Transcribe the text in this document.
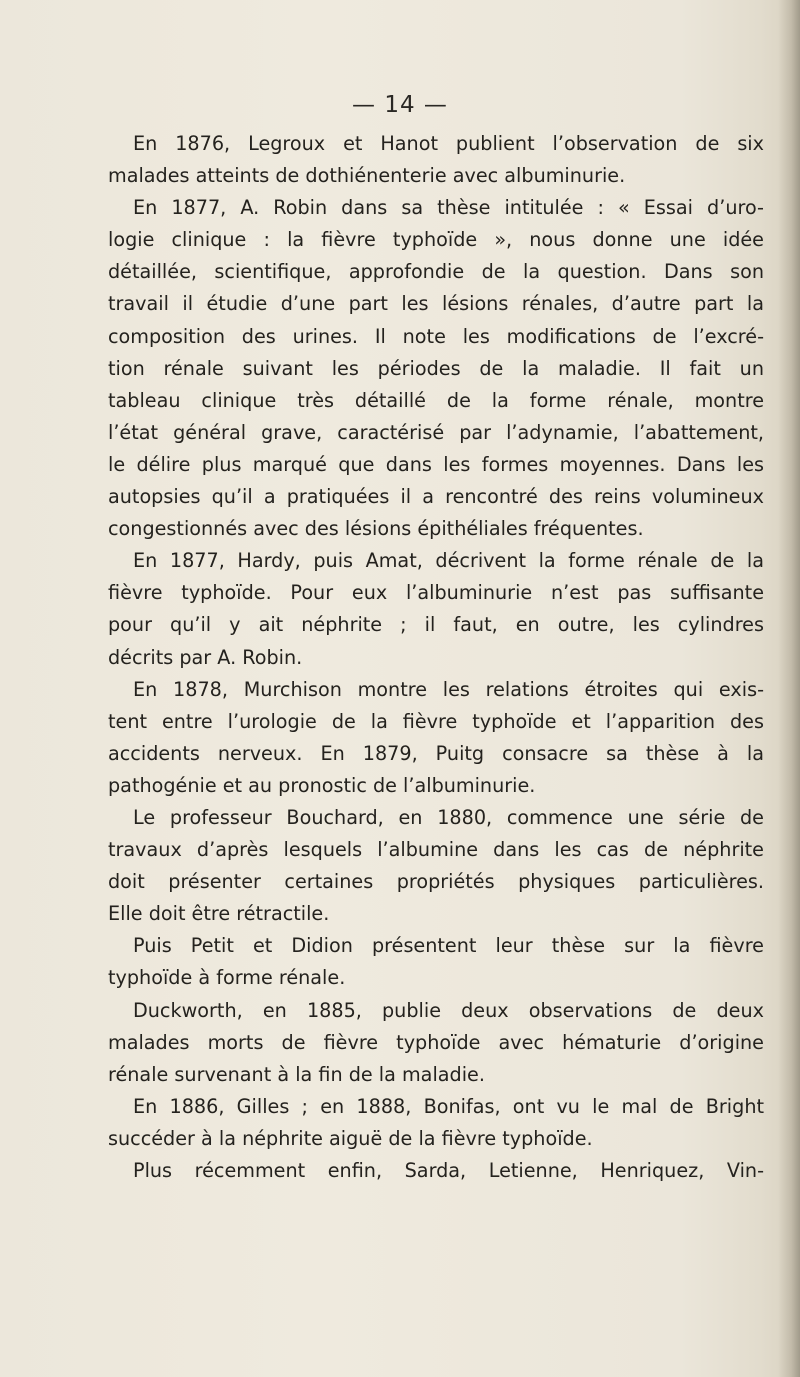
— 14 —
En 1876, Legroux et Hanot publient l’observation de six
malades atteints de dothiénenterie avec albuminurie.
En 1877, A. Robin dans sa thèse intitulée : « Essai d’uro-
logie clinique : la fièvre typhoïde », nous donne une idée
détaillée, scientifique, approfondie de la question. Dans son
travail il étudie d’une part les lésions rénales, d’autre part la
composition des urines. Il note les modifications de l’excré-
tion rénale suivant les périodes de la maladie. Il fait un
tableau clinique très détaillé de la forme rénale, montre
l’état général grave, caractérisé par l’adynamie, l’abattement,
le délire plus marqué que dans les formes moyennes. Dans les
autopsies qu’il a pratiquées il a rencontré des reins volumineux
congestionnés avec des lésions épithéliales fréquentes.
En 1877, Hardy, puis Amat, décrivent la forme rénale de la
fièvre typhoïde. Pour eux l’albuminurie n’est pas suffisante
pour qu’il y ait néphrite ; il faut, en outre, les cylindres
décrits par A. Robin.
En 1878, Murchison montre les relations étroites qui exis-
tent entre l’urologie de la fièvre typhoïde et l’apparition des
accidents nerveux. En 1879, Puitg consacre sa thèse à la
pathogénie et au pronostic de l’albuminurie.
Le professeur Bouchard, en 1880, commence une série de
travaux d’après lesquels l’albumine dans les cas de néphrite
doit présenter certaines propriétés physiques particulières.
Elle doit être rétractile.
Puis Petit et Didion présentent leur thèse sur la fièvre
typhoïde à forme rénale.
Duckworth, en 1885, publie deux observations de deux
malades morts de fièvre typhoïde avec hématurie d’origine
rénale survenant à la fin de la maladie.
En 1886, Gilles ; en 1888, Bonifas, ont vu le mal de Bright
succéder à la néphrite aiguë de la fièvre typhoïde.
Plus récemment enfin, Sarda, Letienne, Henriquez, Vin-
